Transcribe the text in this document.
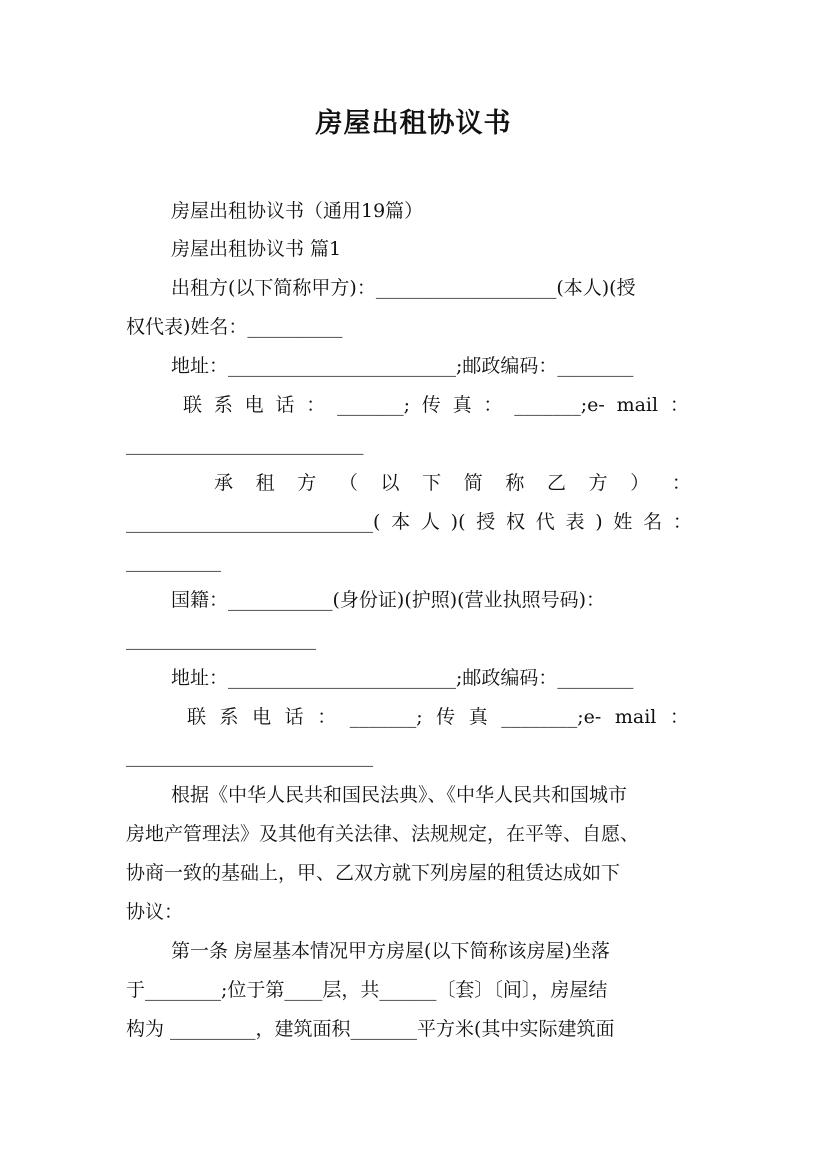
房屋出租协议书
房屋出租协议书（通用19篇）
房屋出租协议书 篇1
出租方(以下简称甲方)：___________________(本人)(授
权代表)姓名：__________
地址：________________________;邮政编码：________
联 系 电 话 ： _______; 传 真 ： _______;e- mail ：
_________________________
承 租 方 （ 以 下 简 称 乙 方 ） ：
__________________________( 本 人 )( 授 权 代 表 ) 姓 名 ：
__________
国籍：___________(身份证)(护照)(营业执照号码)：
____________________
地址：________________________;邮政编码：________
联 系 电 话 ： _______; 传 真 ________;e- mail ：
__________________________
根据《中华人民共和国民法典》、《中华人民共和国城市
房地产管理法》及其他有关法律、法规规定，在平等、自愿、
协商一致的基础上，甲、乙双方就下列房屋的租赁达成如下
协议：
第一条 房屋基本情况甲方房屋(以下简称该房屋)坐落
于________;位于第____层，共______〔套〕〔间〕，房屋结
构为 _________，建筑面积_______平方米(其中实际建筑面
